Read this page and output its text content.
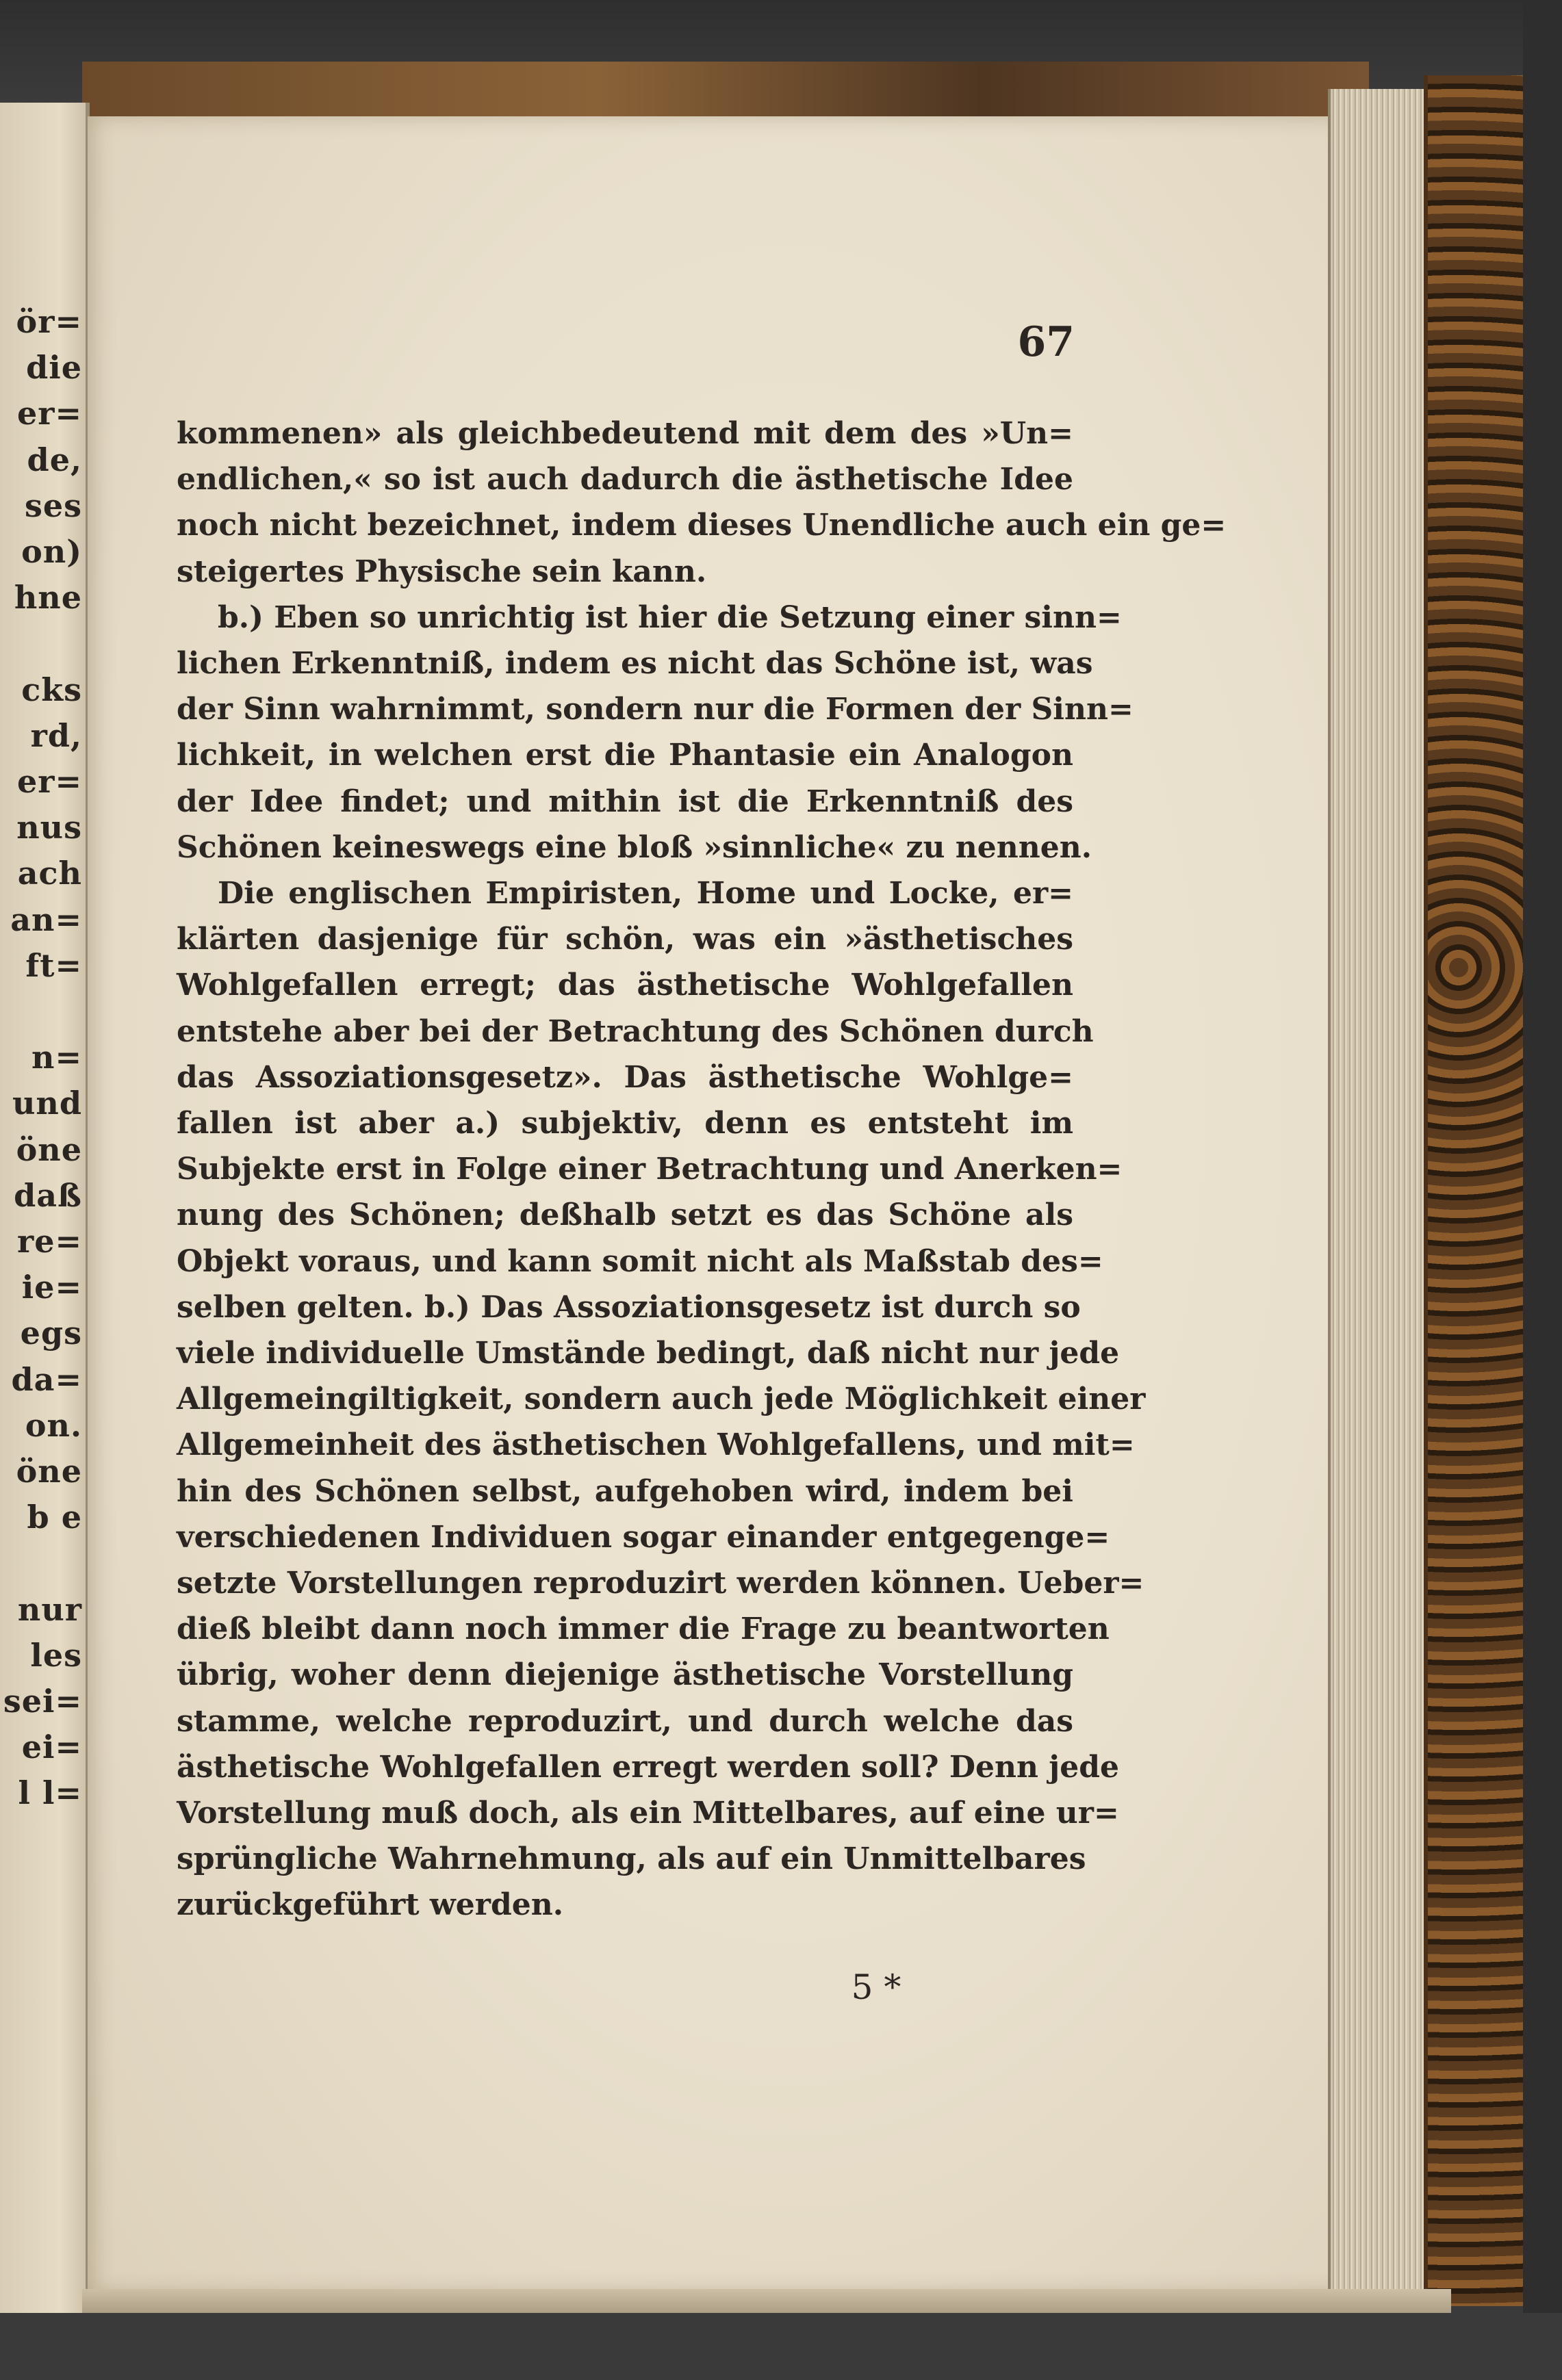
ör=
die
er=
de,
ses
on)
hne
cks
rd,
er=
nus
ach
an=
ft=
n=
und
öne
daß
re=
ie=
egs
da=
on.
öne
b e
nur
les
sei=
ei=
l l=
67
kommenen» als gleichbedeutend mit dem des »Un=
endlichen,« so ist auch dadurch die ästhetische Idee
noch nicht bezeichnet, indem dieses Unendliche auch ein ge=
steigertes Physische sein kann.
b.) Eben so unrichtig ist hier die Setzung einer sinn=
lichen Erkenntniß, indem es nicht das Schöne ist, was
der Sinn wahrnimmt, sondern nur die Formen der Sinn=
lichkeit, in welchen erst die Phantasie ein Analogon
der Idee findet; und mithin ist die Erkenntniß des
Schönen keineswegs eine bloß »sinnliche« zu nennen.
Die englischen Empiristen, Home und Locke, er=
klärten dasjenige für schön, was ein »ästhetisches
Wohlgefallen erregt; das ästhetische Wohlgefallen
entstehe aber bei der Betrachtung des Schönen durch
das Assoziationsgesetz». Das ästhetische Wohlge=
fallen ist aber a.) subjektiv, denn es entsteht im
Subjekte erst in Folge einer Betrachtung und Anerken=
nung des Schönen; deßhalb setzt es das Schöne als
Objekt voraus, und kann somit nicht als Maßstab des=
selben gelten. b.) Das Assoziationsgesetz ist durch so
viele individuelle Umstände bedingt, daß nicht nur jede
Allgemeingiltigkeit, sondern auch jede Möglichkeit einer
Allgemeinheit des ästhetischen Wohlgefallens, und mit=
hin des Schönen selbst, aufgehoben wird, indem bei
verschiedenen Individuen sogar einander entgegenge=
setzte Vorstellungen reproduzirt werden können. Ueber=
dieß bleibt dann noch immer die Frage zu beantworten
übrig, woher denn diejenige ästhetische Vorstellung
stamme, welche reproduzirt, und durch welche das
ästhetische Wohlgefallen erregt werden soll? Denn jede
Vorstellung muß doch, als ein Mittelbares, auf eine ur=
sprüngliche Wahrnehmung, als auf ein Unmittelbares
zurückgeführt werden.
5 *
